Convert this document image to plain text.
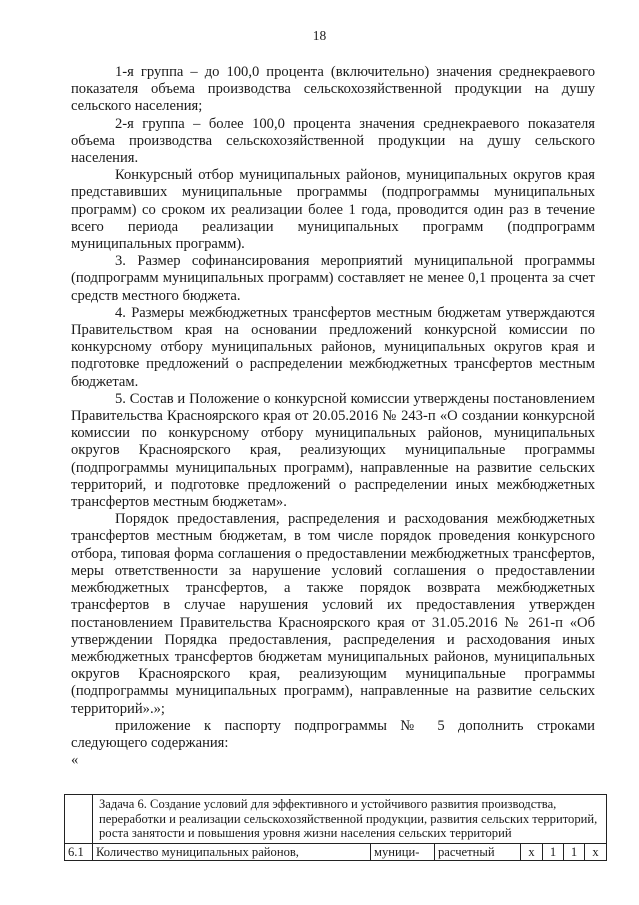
18

1-я группа – до 100,0 процента (включительно) значения среднекраевого показателя объема производства сельскохозяйственной продукции на душу сельского населения;

2-я группа – более 100,0 процента значения среднекраевого показателя объема производства сельскохозяйственной продукции на душу сельского населения.

Конкурсный отбор муниципальных районов, муниципальных округов края представивших муниципальные программы (подпрограммы муниципальных программ) со сроком их реализации более 1 года, проводится один раз в течение всего периода реализации муниципальных программ (подпрограмм муниципальных программ).

3. Размер софинансирования мероприятий муниципальной программы (подпрограмм муниципальных программ) составляет не менее 0,1 процента за счет средств местного бюджета.

4. Размеры межбюджетных трансфертов местным бюджетам утверждаются Правительством края на основании предложений конкурсной комиссии по конкурсному отбору муниципальных районов, муниципальных округов края и подготовке предложений о распределении межбюджетных трансфертов местным бюджетам.

5. Состав и Положение о конкурсной комиссии утверждены постановлением Правительства Красноярского края от 20.05.2016 № 243-п «О создании конкурсной комиссии по конкурсному отбору муниципальных районов, муниципальных округов Красноярского края, реализующих муниципальные программы (подпрограммы муниципальных программ), направленные на развитие сельских территорий, и подготовке предложений о распределении иных межбюджетных трансфертов местным бюджетам».

Порядок предоставления, распределения и расходования межбюджетных трансфертов местным бюджетам, в том числе порядок проведения конкурсного отбора, типовая форма соглашения о предоставлении межбюджетных трансфертов, меры ответственности за нарушение условий соглашения о предоставлении межбюджетных трансфертов, а также порядок возврата межбюджетных трансфертов в случае нарушения условий их предоставления утвержден постановлением Правительства Красноярского края от 31.05.2016 № 261-п «Об утверждении Порядка предоставления, распределения и расходования иных межбюджетных трансфертов бюджетам муниципальных районов, муниципальных округов Красноярского края, реализующим муниципальные программы (подпрограммы муниципальных программ), направленные на развитие сельских территорий».»;

приложение к паспорту подпрограммы № 5 дополнить строками следующего содержания:

«

	Задача 6. Создание условий для эффективного и устойчивого развития производства, переработки и реализации сельскохозяйственной продукции, развития сельских территорий, роста занятости и повышения уровня жизни населения сельских территорий						
6.1	Количество муниципальных районов,	муници-	расчетный	х	1	1	х
